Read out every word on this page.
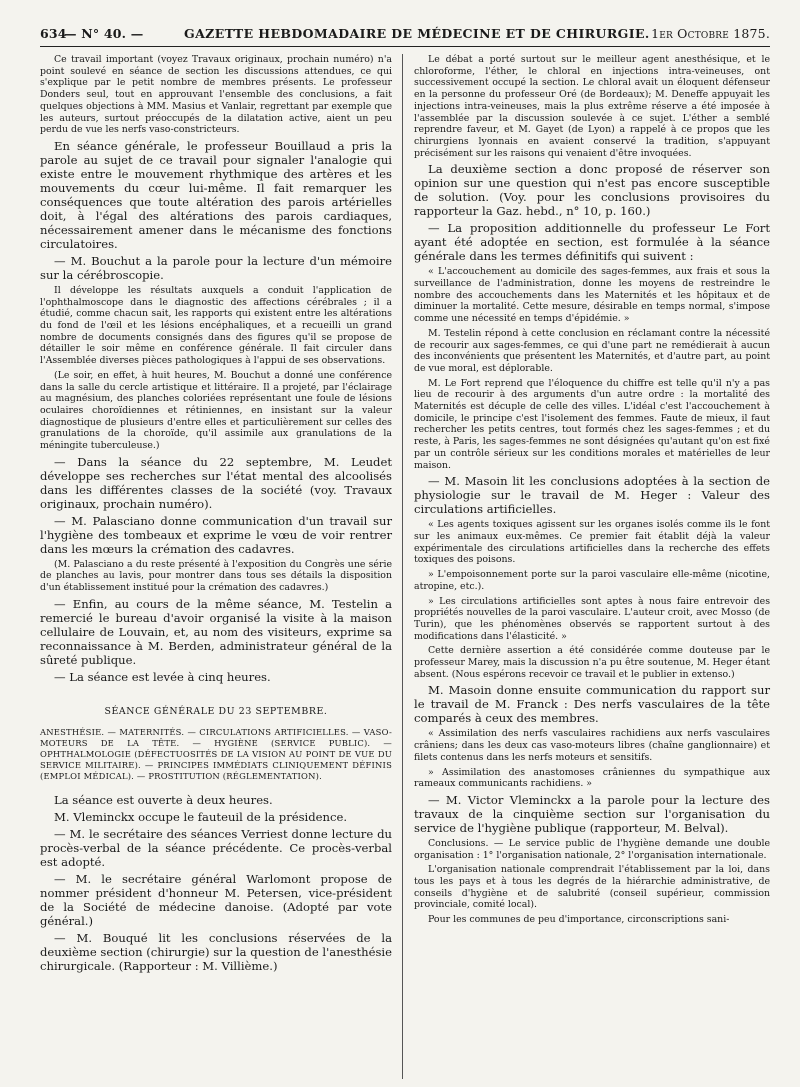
634
— N° 40. —	GAZETTE HEBDOMADAIRE DE MÉDECINE ET DE CHIRURGIE. 1er Octobre 1875.

Ce travail important (voyez Travaux originaux, prochain numéro) n'a point soulevé en séance de section les discussions attendues, ce qui s'explique par le petit nombre de membres présents. Le professeur Donders seul, tout en approuvant l'ensemble des conclusions, a fait quelques objections à MM. Masius et Vanlair, regrettant par exemple que les auteurs, surtout préoccupés de la dilatation active, aient un peu perdu de vue les nerfs vaso-constricteurs.

En séance générale, le professeur Bouillaud a pris la parole au sujet de ce travail pour signaler l'analogie qui existe entre le mouvement rhythmique des artères et les mouvements du cœur lui-même. Il fait remarquer les conséquences que toute altération des parois artérielles doit, à l'égal des altérations des parois cardiaques, nécessairement amener dans le mécanisme des fonctions circulatoires.

— M. Bouchut a la parole pour la lecture d'un mémoire sur la cérébroscopie.

Il développe les résultats auxquels a conduit l'application de l'ophthalmoscope dans le diagnostic des affections cérébrales ; il a étudié, comme chacun sait, les rapports qui existent entre les altérations du fond de l'œil et les lésions encéphaliques, et a recueilli un grand nombre de documents consignés dans des figures qu'il se propose de détailler le soir même en conférence générale. Il fait circuler dans l'Assemblée diverses pièces pathologiques à l'appui de ses observations.

(Le soir, en effet, à huit heures, M. Bouchut a donné une conférence dans la salle du cercle artistique et littéraire. Il a projeté, par l'éclairage au magnésium, des planches coloriées représentant une foule de lésions oculaires choroïdiennes et rétiniennes, en insistant sur la valeur diagnostique de plusieurs d'entre elles et particulièrement sur celles des granulations de la choroïde, qu'il assimile aux granulations de la méningite tuberculeuse.)

— Dans la séance du 22 septembre, M. Leudet développe ses recherches sur l'état mental des alcoolisés dans les différentes classes de la société (voy. Travaux originaux, prochain numéro).

— M. Palasciano donne communication d'un travail sur l'hygiène des tombeaux et exprime le vœu de voir rentrer dans les mœurs la crémation des cadavres.

(M. Palasciano a du reste présenté à l'exposition du Congrès une série de planches au lavis, pour montrer dans tous ses détails la disposition d'un établissement institué pour la crémation des cadavres.)

— Enfin, au cours de la même séance, M. Testelin a remercié le bureau d'avoir organisé la visite à la maison cellulaire de Louvain, et, au nom des visiteurs, exprime sa reconnaissance à M. Berden, administrateur général de la sûreté publique.

— La séance est levée à cinq heures.

SÉANCE GÉNÉRALE DU 23 SEPTEMBRE.

ANESTHÉSIE. — MATERNITÉS. — CIRCULATIONS ARTIFICIELLES. — VASO-MOTEURS DE LA TÊTE. — HYGIÈNE (SERVICE PUBLIC). — OPHTHALMOLOGIE (DÉFECTUOSITÉS DE LA VISION AU POINT DE VUE DU SERVICE MILITAIRE). — PRINCIPES IMMÉDIATS CLINIQUEMENT DÉFINIS (EMPLOI MÉDICAL). — PROSTITUTION (RÉGLEMENTATION).

La séance est ouverte à deux heures.

M. Vleminckx occupe le fauteuil de la présidence.

— M. le secrétaire des séances Verriest donne lecture du procès-verbal de la séance précédente. Ce procès-verbal est adopté.

— M. le secrétaire général Warlomont propose de nommer président d'honneur M. Petersen, vice-président de la Société de médecine danoise. (Adopté par vote général.)

— M. Bouqué lit les conclusions réservées de la deuxième section (chirurgie) sur la question de l'anesthésie chirurgicale. (Rapporteur : M. Villième.)

Le débat a porté surtout sur le meilleur agent anesthésique, et le chloroforme, l'éther, le chloral en injections intra-veineuses, ont successivement occupé la section. Le chloral avait un éloquent défenseur en la personne du professeur Oré (de Bordeaux); M. Deneffe appuyait les injections intra-veineuses, mais la plus extrême réserve a été imposée à l'assemblée par la discussion soulevée à ce sujet. L'éther a semblé reprendre faveur, et M. Gayet (de Lyon) a rappelé à ce propos que les chirurgiens lyonnais en avaient conservé la tradition, s'appuyant précisément sur les raisons qui venaient d'être invoquées.

La deuxième section a donc proposé de réserver son opinion sur une question qui n'est pas encore susceptible de solution. (Voy. pour les conclusions provisoires du rapporteur la Gaz. hebd., n° 10, p. 160.)

— La proposition additionnelle du professeur Le Fort ayant été adoptée en section, est formulée à la séance générale dans les termes définitifs qui suivent :

« L'accouchement au domicile des sages-femmes, aux frais et sous la surveillance de l'administration, donne les moyens de restreindre le nombre des accouchements dans les Maternités et les hôpitaux et de diminuer la mortalité. Cette mesure, désirable en temps normal, s'impose comme une nécessité en temps d'épidémie. »

M. Testelin répond à cette conclusion en réclamant contre la nécessité de recourir aux sages-femmes, ce qui d'une part ne remédierait à aucun des inconvénients que présentent les Maternités, et d'autre part, au point de vue moral, est déplorable.

M. Le Fort reprend que l'éloquence du chiffre est telle qu'il n'y a pas lieu de recourir à des arguments d'un autre ordre : la mortalité des Maternités est décuple de celle des villes. L'idéal c'est l'accouchement à domicile, le principe c'est l'isolement des femmes. Faute de mieux, il faut rechercher les petits centres, tout formés chez les sages-femmes ; et du reste, à Paris, les sages-femmes ne sont désignées qu'autant qu'on est fixé par un contrôle sérieux sur les conditions morales et matérielles de leur maison.

— M. Masoin lit les conclusions adoptées à la section de physiologie sur le travail de M. Heger : Valeur des circulations artificielles.

« Les agents toxiques agissent sur les organes isolés comme ils le font sur les animaux eux-mêmes. Ce premier fait établit déjà la valeur expérimentale des circulations artificielles dans la recherche des effets toxiques des poisons.

» L'empoisonnement porte sur la paroi vasculaire elle-même (nicotine, atropine, etc.).

» Les circulations artificielles sont aptes à nous faire entrevoir des propriétés nouvelles de la paroi vasculaire. L'auteur croit, avec Mosso (de Turin), que les phénomènes observés se rapportent surtout à des modifications dans l'élasticité. »

Cette dernière assertion a été considérée comme douteuse par le professeur Marey, mais la discussion n'a pu être soutenue, M. Heger étant absent. (Nous espérons recevoir ce travail et le publier in extenso.)

M. Masoin donne ensuite communication du rapport sur le travail de M. Franck : Des nerfs vasculaires de la tête comparés à ceux des membres.

« Assimilation des nerfs vasculaires rachidiens aux nerfs vasculaires crâniens; dans les deux cas vaso-moteurs libres (chaîne ganglionnaire) et filets contenus dans les nerfs moteurs et sensitifs.

» Assimilation des anastomoses crâniennes du sympathique aux rameaux communicants rachidiens. »

— M. Victor Vleminckx a la parole pour la lecture des travaux de la cinquième section sur l'organisation du service de l'hygiène publique (rapporteur, M. Belval).

Conclusions. — Le service public de l'hygiène demande une double organisation : 1° l'organisation nationale, 2° l'organisation internationale.

L'organisation nationale comprendrait l'établissement par la loi, dans tous les pays et à tous les degrés de la hiérarchie administrative, de conseils d'hygiène et de salubrité (conseil supérieur, commission provinciale, comité local).

Pour les communes de peu d'importance, circonscriptions sani-
